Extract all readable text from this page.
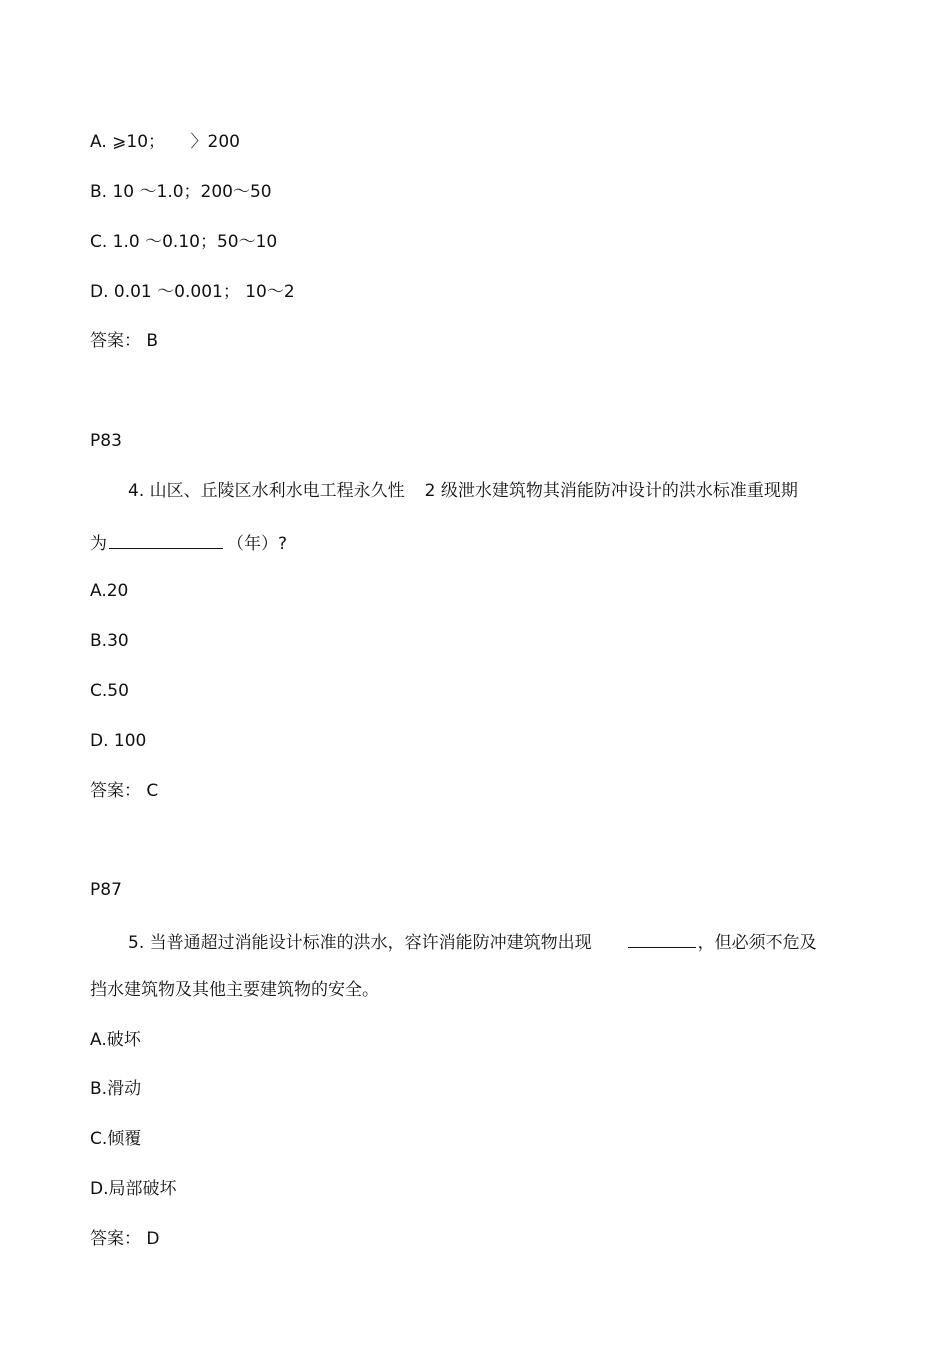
A. ⩾10；　　〉200
B. 10 ～1.0；200～50
C. 1.0 ～0.10；50～10
D. 0.01 ～0.001； 10～2
答案： B
P83
4. 山区、丘陵区水利水电工程永久性 2 级泄水建筑物其消能防冲设计的洪水标准重现期
为	（年）?
A.20
B.30
C.50
D. 100
答案： C
P87
5. 当普通超过消能设计标准的洪水，容许消能防冲建筑物出现	，但必须不危及
挡水建筑物及其他主要建筑物的安全。
A.破坏
B.滑动
C.倾覆
D.局部破坏
答案： D
